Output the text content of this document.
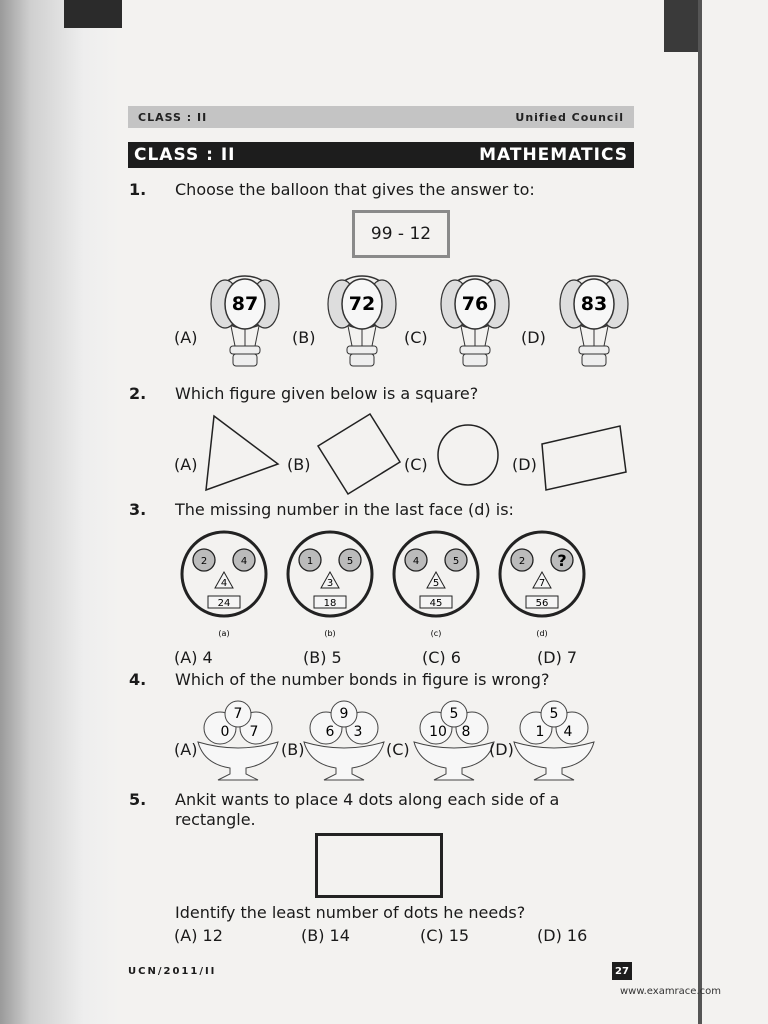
CLASS : II	Unified Council
CLASS : II	MATHEMATICS
1. Choose the balloon that gives the answer to:
99 - 12
87	72	76	83
(A)	(B)	(C)	(D)
2. Which figure given below is a square?
(A)	(B)	(C)	(D)
3. The missing number in the last face (d) is:
2	4
4
24
(a)
1	5
3
18
(b)
4	5
5
45
(c)
2 ?
7
56
(d)
(A) 4	(B) 5	(C) 6	(D) 7
4. Which of the number bonds in figure is wrong?
7
0 7
9
6 3
5
10 8
5
1 4
(A)	(B)	(C)	(D)
5. Ankit wants to place 4 dots along each side of a
rectangle.
Identify the least number of dots he needs?
(A) 12	(B) 14	(C) 15	(D) 16
UCN/2011/II	27
www.examrace.com
